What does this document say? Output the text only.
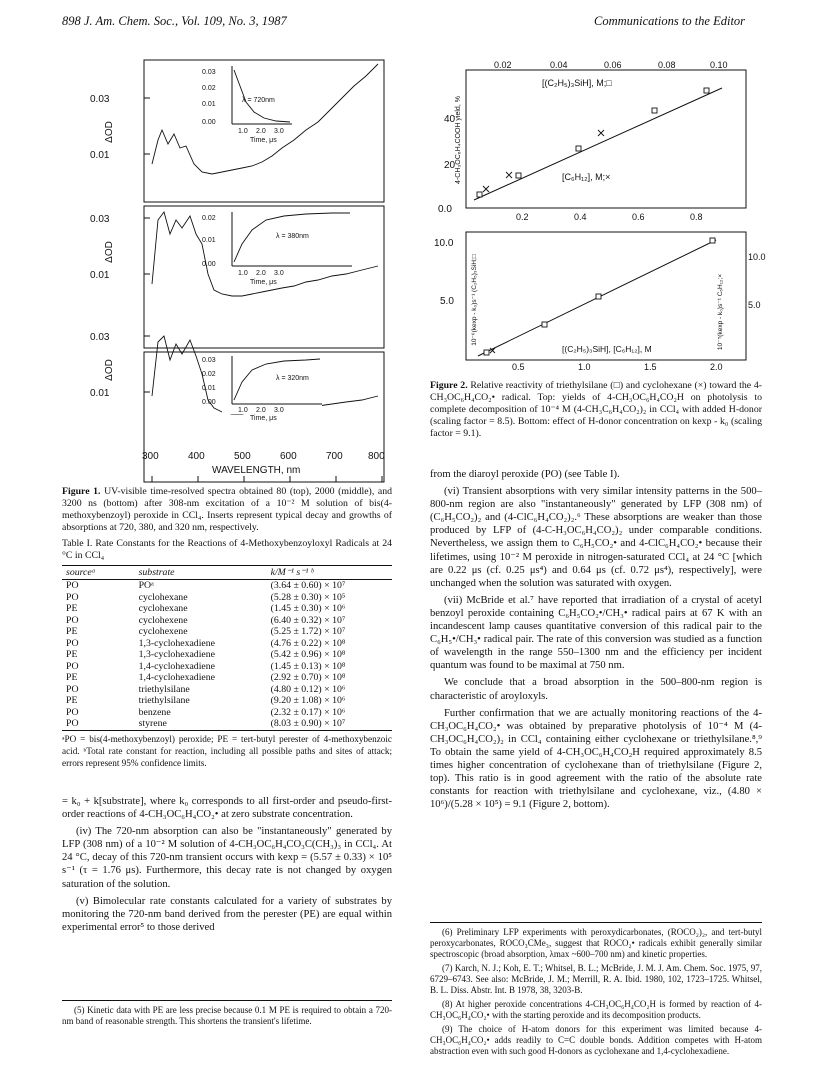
898 J. Am. Chem. Soc., Vol. 109, No. 3, 1987	Communications to the Editor
0.03
0.01
0.03
0.01
0.03
0.01
ΔOD
ΔOD
ΔOD
0.03
0.02
0.01
0.00
λ = 720nm
1.0 2.0 3.0
Time, μs
0.02
0.01
0.00
λ = 380nm
1.0 2.0 3.0
Time, μs
0.03
0.02
0.01
0.00
λ = 320nm
1.0 2.0 3.0
Time, μs
300	400	500	600	700	800
WAVELENGTH, nm
Figure 1. UV-visible time-resolved spectra obtained 80 (top), 2000 (middle), and 3200 ns (bottom) after 308-nm excitation of a 10⁻² M solution of bis(4-methoxybenzoyl) peroxide in CCl₄. Inserts represent typical decay and growths of absorptions at 720, 380, and 320 nm, respectively.
Table I. Rate Constants for the Reactions of 4-Methoxybenzoyloxyl Radicals at 24 °C in CCl₄
sourceᵃ	substrate	k/M⁻¹ s⁻¹ ᵇ
PO	POᵃ	(3.64 ± 0.60) × 10⁷
PO	cyclohexane	(5.28 ± 0.30) × 10⁵
PE	cyclohexane	(1.45 ± 0.30) × 10⁶
PO	cyclohexene	(6.40 ± 0.32) × 10⁷
PE	cyclohexene	(5.25 ± 1.72) × 10⁷
PO	1,3-cyclohexadiene	(4.76 ± 0.22) × 10⁸
PE	1,3-cyclohexadiene	(5.42 ± 0.96) × 10⁸
PO	1,4-cyclohexadiene	(1.45 ± 0.13) × 10⁸
PE	1,4-cyclohexadiene	(2.92 ± 0.70) × 10⁸
PO	triethylsilane	(4.80 ± 0.12) × 10⁶
PE	triethylsilane	(9.20 ± 1.08) × 10⁶
PO	benzene	(2.32 ± 0.17) × 10⁶
PO	styrene	(8.03 ± 0.90) × 10⁷
ᵃPO = bis(4-methoxybenzoyl) peroxide; PE = tert-butyl perester of 4-methoxybenzoic acid. ᵇTotal rate constant for reaction, including all possible paths and sites of attack; errors represent 95% confidence limits.

= k₀ + k[substrate], where k₀ corresponds to all first-order and pseudo-first-order reactions of 4-CH₃OC₆H₄CO₂• at zero substrate concentration.

(iv) The 720-nm absorption can also be "instantaneously" generated by LFP (308 nm) of a 10⁻² M solution of 4-CH₃OC₆H₄CO₃C(CH₃)₃ in CCl₄. At 24 °C, decay of this 720-nm transient occurs with kexp = (5.57 ± 0.33) × 10⁵ s⁻¹ (τ = 1.76 μs). Furthermore, this decay rate is not changed by oxygen saturation of the solution.

(v) Bimolecular rate constants calculated for a variety of substrates by monitoring the 720-nm band derived from the perester (PE) are equal within experimental error⁵ to those derived

(5) Kinetic data with PE are less precise because 0.1 M PE is required to obtain a 720-nm band of reasonable strength. This shortens the transient's lifetime.

0.02	0.04	0.06	0.08	0.10
40
20
0.0
4-CH₃OC₆H₄COOH yield, %
[(C₂H₅)₃SiH], M;□
[C₆H₁₂], M;×
0.2	0.4	0.6	0.8
10.0
5.0
10.0
5.0
10⁻⁶(kexp - k₀)s⁻¹ (C₂H₅)₃SiH;□	10⁻⁵(kexp - k₀)s⁻¹ C₆H₁₂;×
[(C₂H₅)₃SiH], [C₆H₁₂], M
0.5	1.0	1.5	2.0
Figure 2. Relative reactivity of triethylsilane (□) and cyclohexane (×) toward the 4-CH₃OC₆H₄CO₂• radical. Top: yields of 4-CH₃OC₆H₄CO₂H on photolysis to complete decomposition of 10⁻⁴ M (4-CH₃C₆H₄CO₂)₂ in CCl₄ with added H-donor (scaling factor = 8.5). Bottom: effect of H-donor concentration on kexp - k₀ (scaling factor = 9.1).

from the diaroyl peroxide (PO) (see Table I).

(vi) Transient absorptions with very similar intensity patterns in the 500–800-nm region are also "instantaneously" generated by LFP (308 nm) of (C₆H₅CO₂)₂ and (4-ClC₆H₄CO₂)₂.⁶ These absorptions are weaker than those produced by LFP of (4-C-H₃OC₆H₄CO₂)₂ under comparable conditions. Nevertheless, we assign them to C₆H₅CO₂• and 4-ClC₆H₄CO₂• because their lifetimes, using 10⁻² M peroxide in nitrogen-saturated CCl₄ at 24 °C [which are 0.22 μs (cf. 0.25 μs⁴) and 0.64 μs (cf. 0.72 μs⁴), respectively], were unchanged when the solution was saturated with oxygen.

(vii) McBride et al.⁷ have reported that irradiation of a crystal of acetyl benzoyl peroxide containing C₆H₅CO₂•/CH₃• radical pairs at 67 K with an incandescent lamp causes quantitative conversion of this radical pair to the C₆H₅•/CH₃• radical pair. The rate of this conversion was studied as a function of wavelength in the range 550–1300 nm and the efficiency per incident quantum was found to be maximal at 750 nm.

We conclude that a broad absorption in the 500–800-nm region is characteristic of aroyloxyls.

Further confirmation that we are actually monitoring reactions of the 4-CH₃OC₆H₄CO₂• was obtained by preparative photolysis of 10⁻⁴ M (4-CH₃OC₆H₄CO₂)₂ in CCl₄ containing either cyclohexane or triethylsilane.⁸,⁹ To obtain the same yield of 4-CH₃OC₆H₄CO₂H required approximately 8.5 times higher concentration of cyclohexane than of triethylsilane (Figure 2, top). This ratio is in good agreement with the ratio of the absolute rate constants for reaction with triethylsilane and cyclohexane, viz., (4.80 × 10⁶)/(5.28 × 10⁵) = 9.1 (Figure 2, bottom).

(6) Preliminary LFP experiments with peroxydicarbonates, (ROCO₂)₂, and tert-butyl peroxycarbonates, ROCO₃CMe₃, suggest that ROCO₂• radicals exhibit generally similar spectroscopic (broad absorption, λmax ~600–700 nm) and kinetic properties.

(7) Karch, N. J.; Koh, E. T.; Whitsel, B. L.; McBride, J. M. J. Am. Chem. Soc. 1975, 97, 6729–6743. See also: McBride, J. M.; Merrill, R. A. Ibid. 1980, 102, 1723–1725. Whitsel, B. L. Diss. Abstr. Int. B 1978, 38, 3203-B.

(8) At higher peroxide concentrations 4-CH₃OC₆H₄CO₂H is formed by reaction of 4-CH₃OC₆H₄CO₂• with the starting peroxide and its decomposition products.

(9) The choice of H-atom donors for this experiment was limited because 4-CH₃OC₆H₄CO₂• adds readily to C=C double bonds. Addition competes with H-atom abstraction even with such good H-donors as cyclohexane and 1,4-cyclohexadiene.
